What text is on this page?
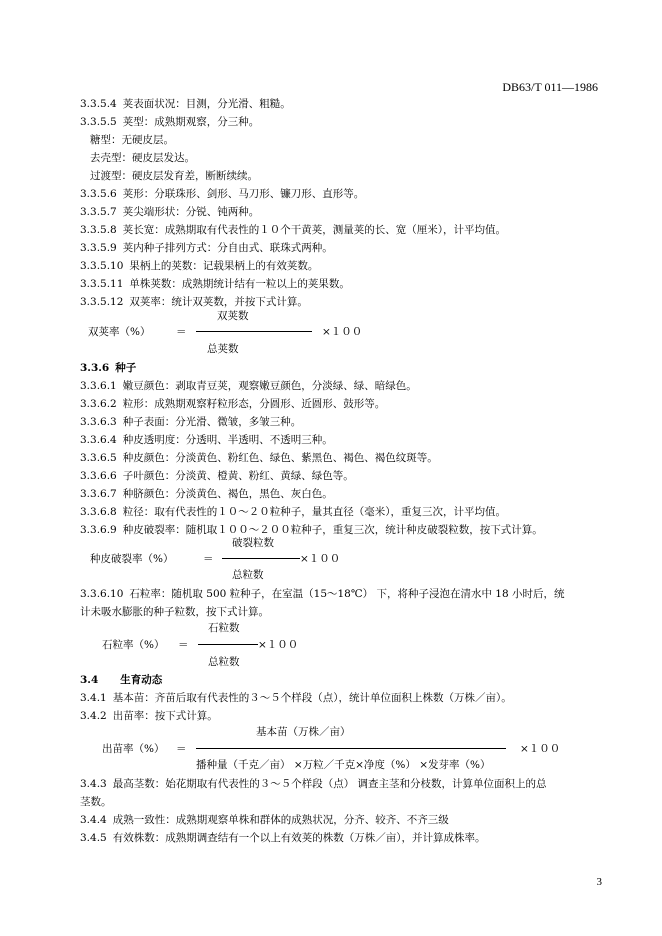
DB63/T 011—1986
3.3.5.4 荚表面状况：目测，分光滑、粗糙。
3.3.5.5 荚型：成熟期观察，分三种。
糖型：无硬皮层。
去壳型：硬皮层发达。
过渡型：硬皮层发育差，断断续续。
3.3.5.6 荚形：分联珠形、剑形、马刀形、镰刀形、直形等。
3.3.5.7 荚尖端形状：分锐、钝两种。
3.3.5.8 荚长宽：成熟期取有代表性的１０个干黄荚，测量荚的长、宽（厘米），计平均值。
3.3.5.9 荚内种子排列方式：分自由式、联珠式两种。
3.3.5.10 果柄上的荚数：记载果柄上的有效荚数。
3.3.5.11 单株荚数：成熟期统计结有一粒以上的荚果数。
3.3.5.12 双荚率：统计双荚数，并按下式计算。
双荚数
双荚率（%） ＝	×１００
总荚数
3.3.6 种子
3.3.6.1 嫩豆颜色：剥取青豆荚，观察嫩豆颜色，分淡绿、绿、暗绿色。
3.3.6.2 粒形：成熟期观察籽粒形态，分圆形、近圆形、鼓形等。
3.3.6.3 种子表面：分光滑、微皱，多皱三种。
3.3.6.4 种皮透明度：分透明、半透明、不透明三种。
3.3.6.5 种皮颜色：分淡黄色、粉红色、绿色、紫黑色、褐色、褐色纹斑等。
3.3.6.6 子叶颜色：分淡黄、橙黄、粉红、黄绿、绿色等。
3.3.6.7 种脐颜色：分淡黄色、褐色，黑色、灰白色。
3.3.6.8 粒径：取有代表性的１０～２０粒种子，量其直径（毫米），重复三次，计平均值。
3.3.6.9 种皮破裂率：随机取１００～２００粒种子，重复三次，统计种皮破裂粒数，按下式计算。
破裂粒数
种皮破裂率（%）	＝	×１００
总粒数
3.3.6.10 石粒率：随机取 500 粒种子，在室温（15～18℃） 下，将种子浸泡在清水中 18 小时后，统
计未吸水膨胀的种子粒数，按下式计算。
石粒数
石粒率（%） ＝	×１００
总粒数
3.4 生育动态
3.4.1 基本苗：齐苗后取有代表性的３～５个样段（点），统计单位面积上株数（万株／亩）。
3.4.2 出苗率：按下式计算。
基本苗（万株／亩）
出苗率（%） ＝	×１００
播种量（千克／亩） ×万粒／千克×净度（%） ×发芽率（%）
3.4.3 最高茎数：始花期取有代表性的３～５个样段（点） 调查主茎和分枝数，计算单位面积上的总
茎数。
3.4.4 成熟一致性：成熟期观察单株和群体的成熟状况，分齐、较齐、不齐三级
3.4.5 有效株数：成熟期调查结有一个以上有效荚的株数（万株／亩），并计算成株率。
3
